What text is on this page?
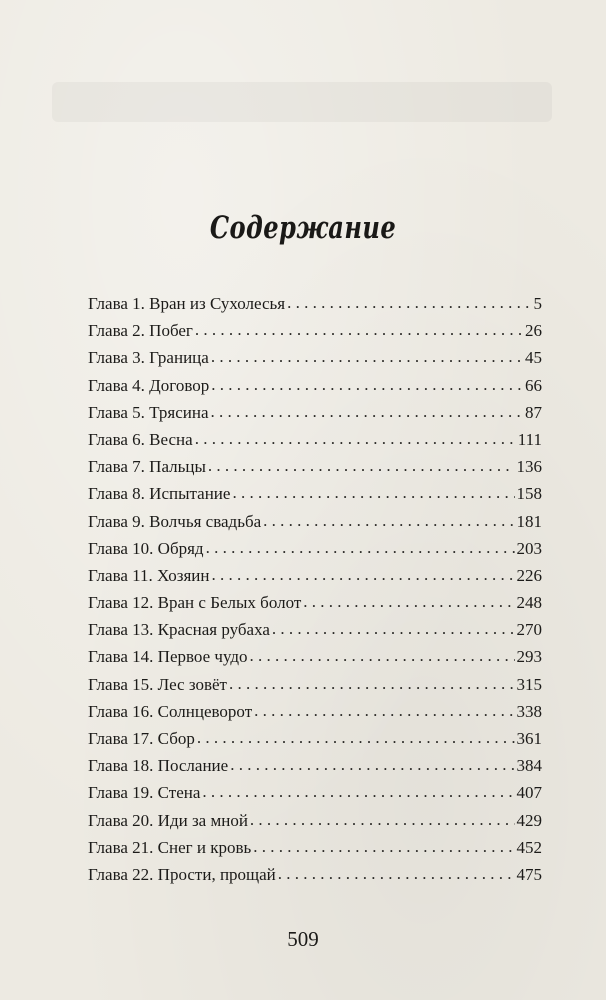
Содержание
Глава 1. Вран из Сухолесья . . .	5
Глава 2. Побег . . .	26
Глава 3. Граница . . .	45
Глава 4. Договор . . .	66
Глава 5. Трясина . . .	87
Глава 6. Весна . . .	111
Глава 7. Пальцы . . .	136
Глава 8. Испытание . . .	158
Глава 9. Волчья свадьба . . .	181
Глава 10. Обряд . . .	203
Глава 11. Хозяин . . .	226
Глава 12. Вран с Белых болот . . .	248
Глава 13. Красная рубаха . . .	270
Глава 14. Первое чудо . . .	293
Глава 15. Лес зовёт . . .	315
Глава 16. Солнцеворот . . .	338
Глава 17. Сбор . . .	361
Глава 18. Послание . . .	384
Глава 19. Стена . . .	407
Глава 20. Иди за мной . . .	429
Глава 21. Снег и кровь . . .	452
Глава 22. Прости, прощай . . .	475
509
